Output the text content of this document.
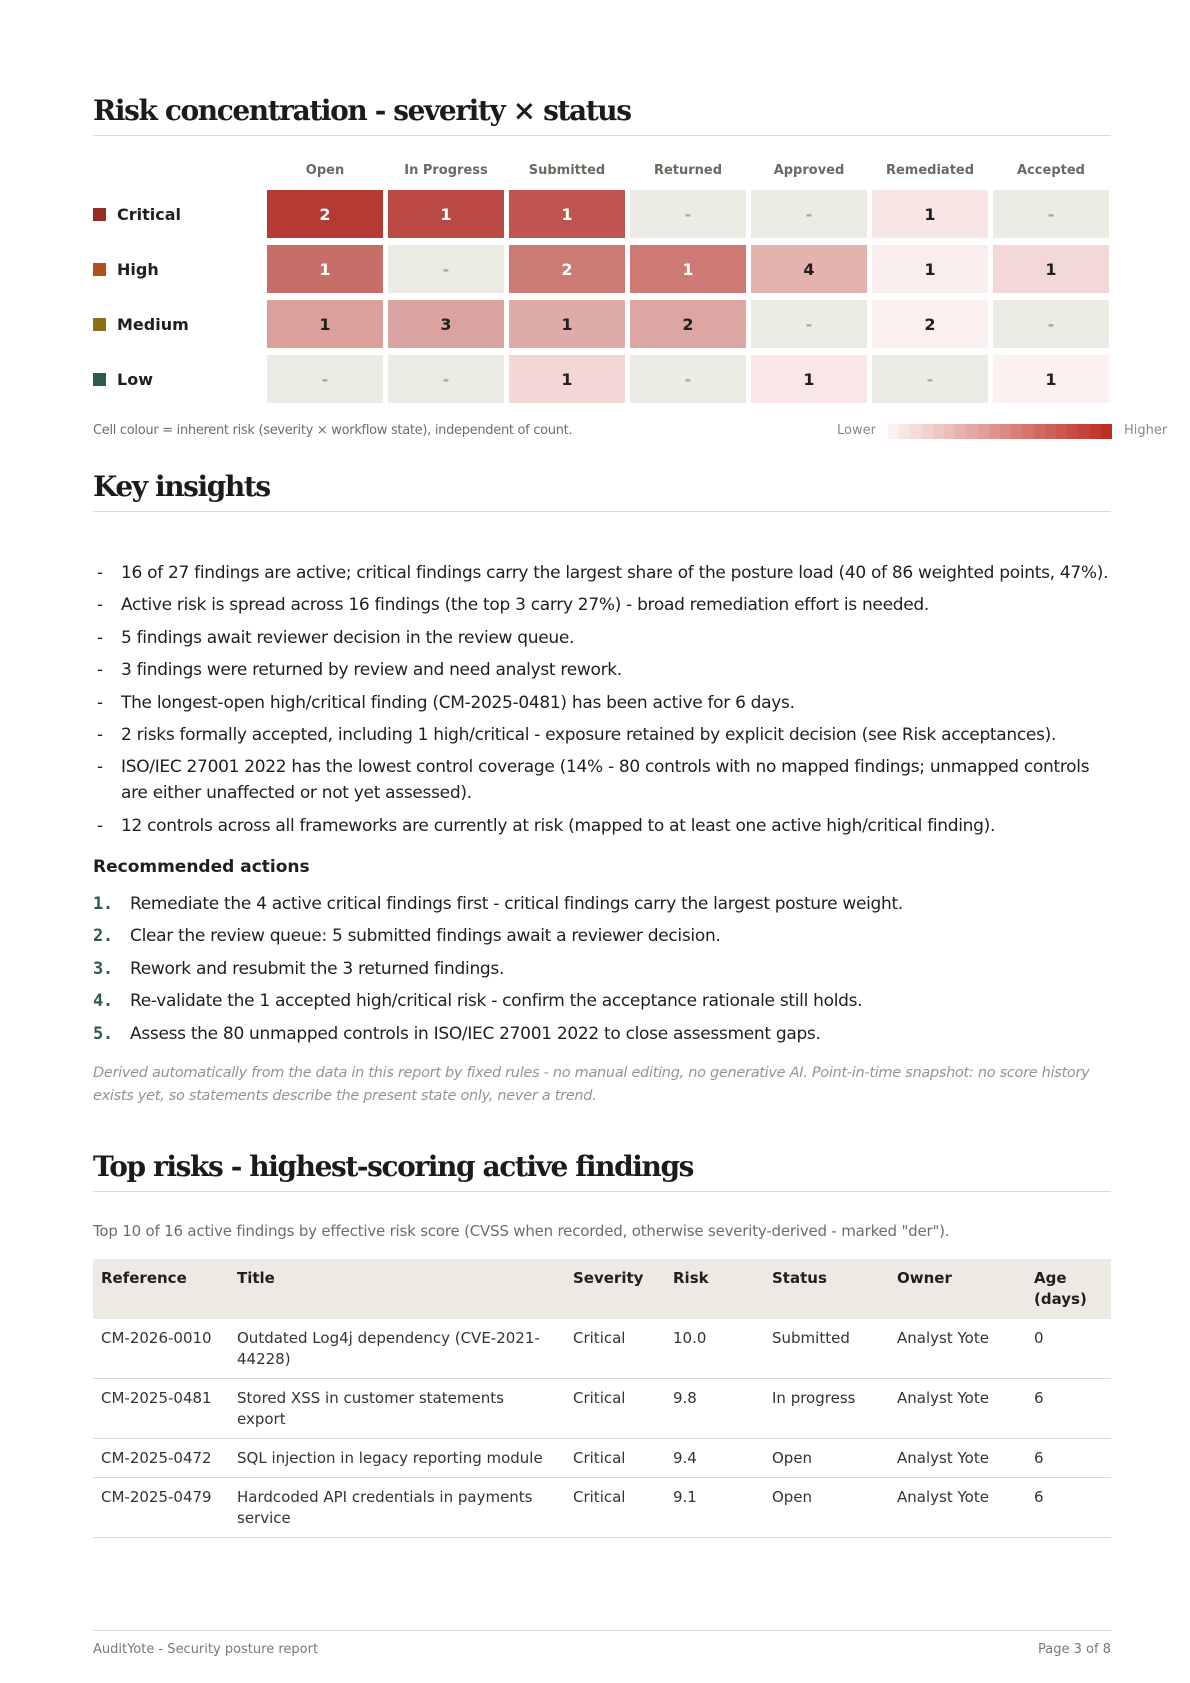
Risk concentration - severity × status
Open	In Progress	Submitted	Returned	Approved	Remediated	Accepted
Critical	2	1	1	-	-	1	-
High	1	-	2	1	4	1	1
Medium	1	3	1	2	-	2	-
Low	-	-	1	-	1	-	1
Cell colour = inherent risk (severity × workflow state), independent of count.	Lower	Higher
Key insights
- 16 of 27 findings are active; critical findings carry the largest share of the posture load (40 of 86 weighted points, 47%).
- Active risk is spread across 16 findings (the top 3 carry 27%) - broad remediation effort is needed.
- 5 findings await reviewer decision in the review queue.
- 3 findings were returned by review and need analyst rework.
- The longest-open high/critical finding (CM-2025-0481) has been active for 6 days.
- 2 risks formally accepted, including 1 high/critical - exposure retained by explicit decision (see Risk acceptances).
- ISO/IEC 27001 2022 has the lowest control coverage (14% - 80 controls with no mapped findings; unmapped controls are either unaffected or not yet assessed).
- 12 controls across all frameworks are currently at risk (mapped to at least one active high/critical finding).
Recommended actions
1.	Remediate the 4 active critical findings first - critical findings carry the largest posture weight.
2.	Clear the review queue: 5 submitted findings await a reviewer decision.
3.	Rework and resubmit the 3 returned findings.
4.	Re-validate the 1 accepted high/critical risk - confirm the acceptance rationale still holds.
5.	Assess the 80 unmapped controls in ISO/IEC 27001 2022 to close assessment gaps.

Derived automatically from the data in this report by fixed rules - no manual editing, no generative AI. Point-in-time snapshot: no score history exists yet, so statements describe the present state only, never a trend.

Top risks - highest-scoring active findings
Top 10 of 16 active findings by effective risk score (CVSS when recorded, otherwise severity-derived - marked "der").
Reference	Title	Severity	Risk	Status	Owner	Age (days)
CM-2026-0010	Outdated Log4j dependency (CVE-2021-44228)	Critical	10.0	Submitted	Analyst Yote	0
CM-2025-0481	Stored XSS in customer statements export	Critical	9.8	In progress	Analyst Yote	6
CM-2025-0472	SQL injection in legacy reporting module	Critical	9.4	Open	Analyst Yote	6
CM-2025-0479	Hardcoded API credentials in payments service	Critical	9.1	Open	Analyst Yote	6
AuditYote - Security posture report	Page 3 of 8
